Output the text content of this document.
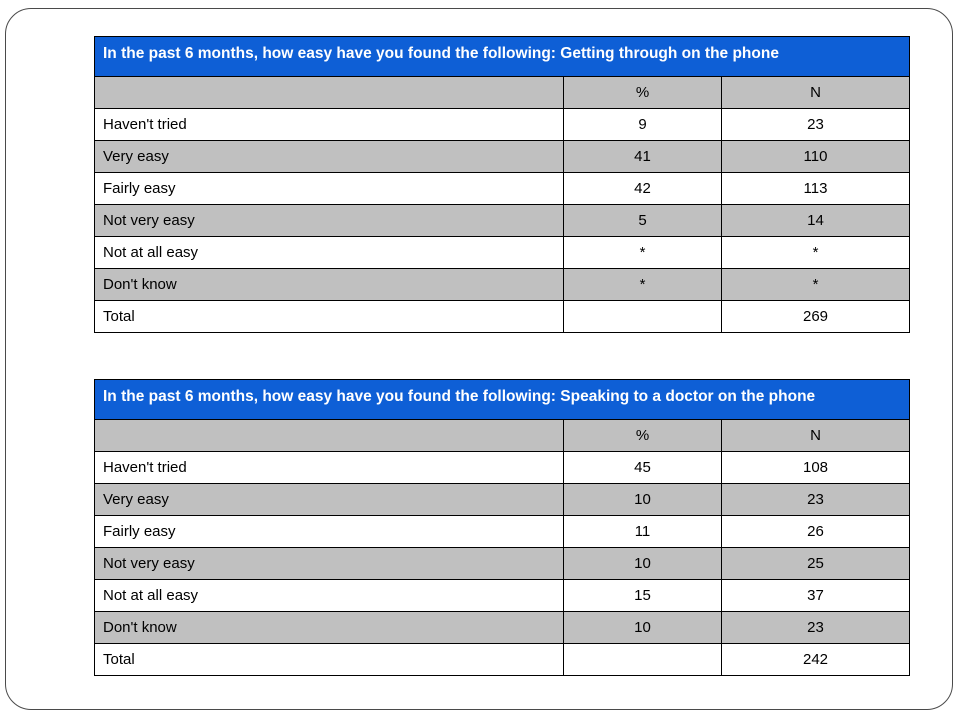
In the past 6 months, how easy have you found the following: Getting through on the phone		

	%	N
Haven't tried	9	23
Very easy	41	110
Fairly easy	42	113
Not very easy	5	14
Not at all easy	*	*
Don't know	*	*
Total		269
In the past 6 months, how easy have you found the following: Speaking to a doctor on the phone		

	%	N
Haven't tried	45	108
Very easy	10	23
Fairly easy	11	26
Not very easy	10	25
Not at all easy	15	37
Don't know	10	23
Total		242
